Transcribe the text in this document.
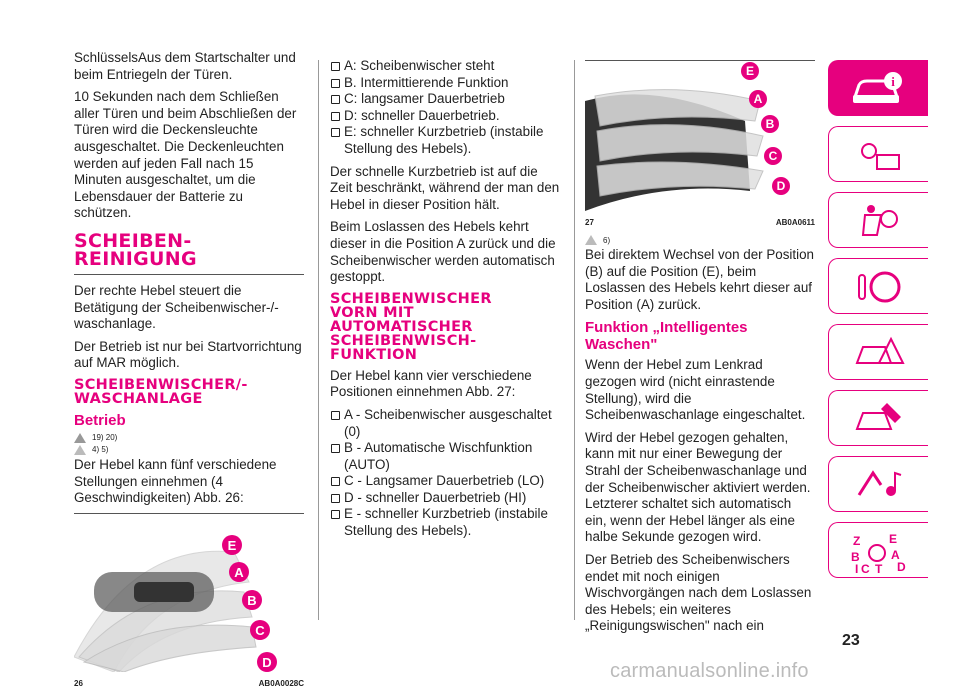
SchlüsselsAus dem Startschalter und beim Entriegeln der Türen.

10 Sekunden nach dem Schließen aller Türen und beim Abschließen der Türen wird die Deckensleuchte ausgeschaltet. Die Deckenleuchten werden auf jeden Fall nach 15 Minuten ausgeschaltet, um die Lebensdauer der Batterie zu schützen.

SCHEIBEN-
REINIGUNG

Der rechte Hebel steuert die Betätigung der Scheibenwischer-/-waschanlage.

Der Betrieb ist nur bei Startvorrichtung auf MAR möglich.

SCHEIBENWISCHER/-
WASCHANLAGE
Betrieb
19) 20)
4) 5)

Der Hebel kann fünf verschiedene Stellungen einnehmen (4 Geschwindigkeiten) Abb. 26:

E
A
B
C
D
26	AB0A0028C
A: Scheibenwischer steht
B. Intermittierende Funktion
C: langsamer Dauerbetrieb
D: schneller Dauerbetrieb.
E: schneller Kurzbetrieb (instabile Stellung des Hebels).

Der schnelle Kurzbetrieb ist auf die Zeit beschränkt, während der man den Hebel in dieser Position hält.

Beim Loslassen des Hebels kehrt dieser in die Position A zurück und die Scheibenwischer werden automatisch gestoppt.

SCHEIBENWISCHER
VORN MIT
AUTOMATISCHER
SCHEIBENWISCH-
FUNKTION

Der Hebel kann vier verschiedene Positionen einnehmen Abb. 27:

A - Scheibenwischer ausgeschaltet (0)
B - Automatische Wischfunktion (AUTO)
C - Langsamer Dauerbetrieb (LO)
D - schneller Dauerbetrieb (HI)
E - schneller Kurzbetrieb (instabile Stellung des Hebels).
E
A
B
C
D
27	AB0A0611
6)

Bei direktem Wechsel von der Position (B) auf die Position (E), beim Loslassen des Hebels kehrt dieser auf Position (A) zurück.

Funktion „Intelligentes Waschen"

Wenn der Hebel zum Lenkrad gezogen wird (nicht einrastende Stellung), wird die Scheibenwaschanlage eingeschaltet.

Wird der Hebel gezogen gehalten, kann mit nur einer Bewegung der Strahl der Scheibenwaschanlage und der Scheibenwischer aktiviert werden. Letzterer schaltet sich automatisch ein, wenn der Hebel länger als eine halbe Sekunde gezogen wird.

Der Betrieb des Scheibenwischers endet mit noch einigen Wischvorgängen nach dem Loslassen des Hebels; ein weiteres „Reinigungswischen" nach ein

i
Z E
B	A
C T D
I
23
carmanualsonline.info
